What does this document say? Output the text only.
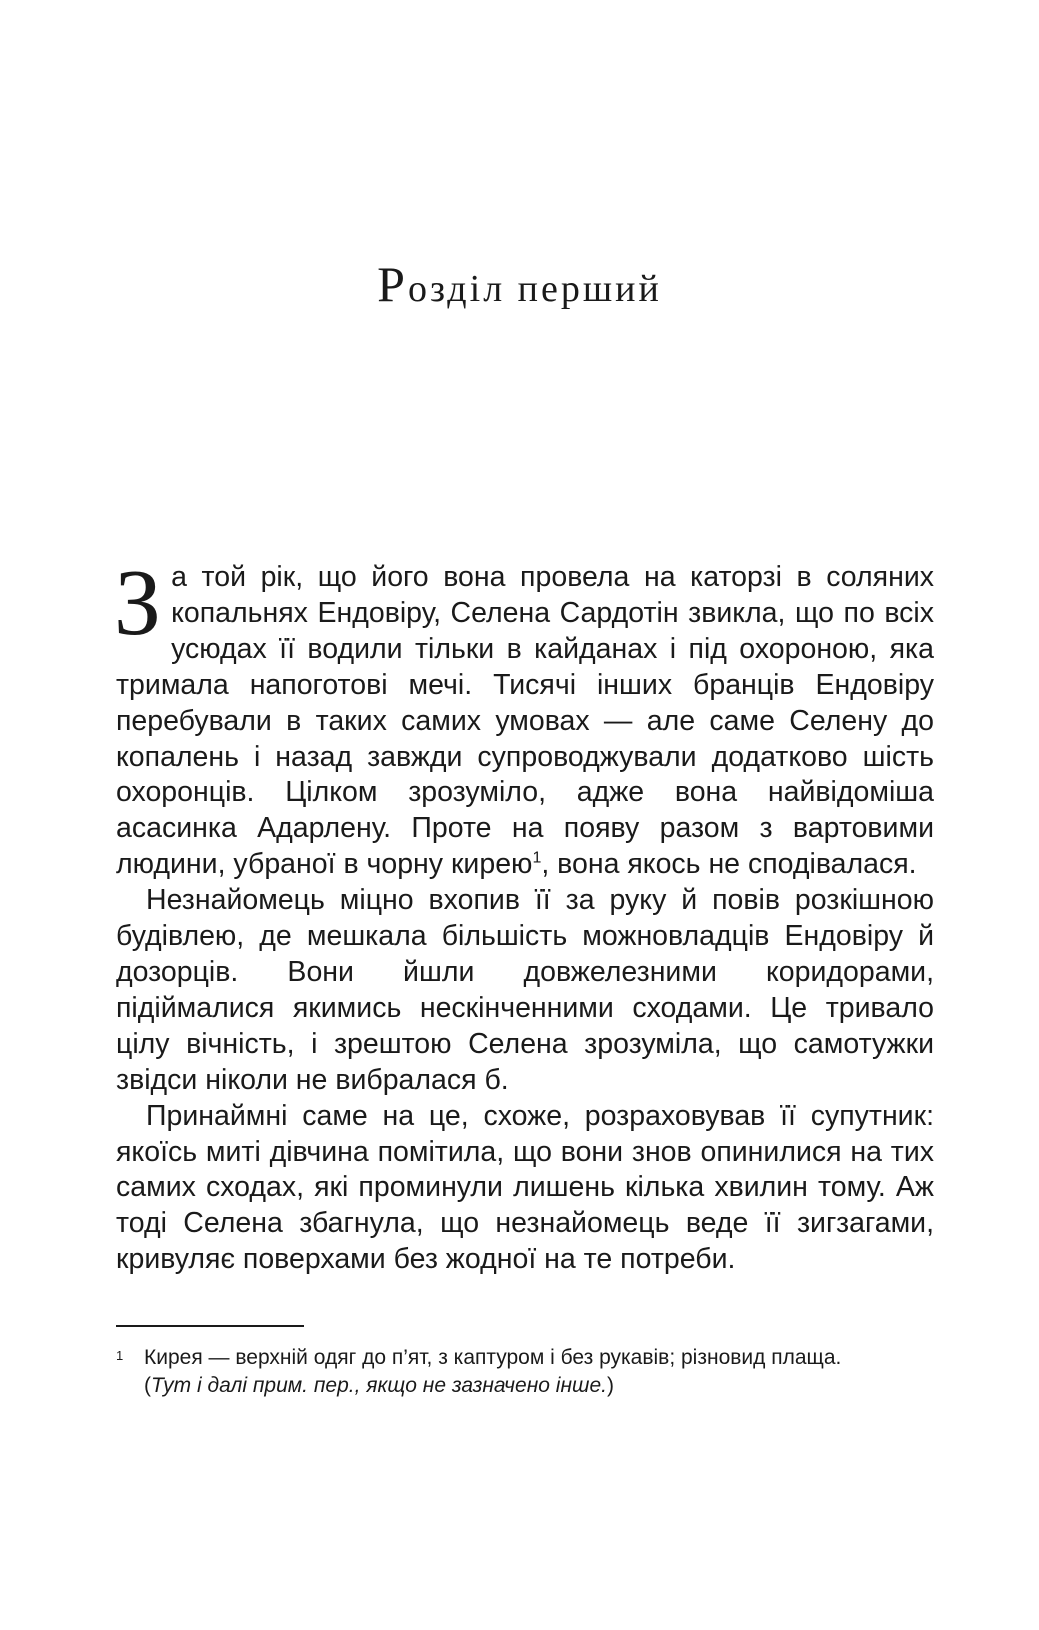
Розділ перший

За той рік, що його вона провела на каторзі в соляних копальнях Ендовіру, Селена Сардотін звикла, що по всіх усюдах її водили тільки в кайданах і під охороною, яка тримала напоготові мечі. Тисячі інших бранців Ендовіру перебували в таких самих умовах — але саме Селену до копалень і назад завжди супроводжували додатково шість охоронців. Цілком зрозуміло, адже вона найвідоміша асасинка Адарлену. Проте на появу разом з вартовими людини, убраної в чорну кирею$^1$, вона якось не сподівалася.

Незнайомець міцно вхопив її за руку й повів розкішною будівлею, де мешкала більшість можновладців Ендовіру й дозорців. Вони йшли довжелезними коридорами, підіймалися якимись нескінченними сходами. Це тривало цілу вічність, і зрештою Селена зрозуміла, що самотужки звідси ніколи не вибралася б.

Принаймні саме на це, схоже, розраховував її супутник: якоїсь миті дівчина помітила, що вони знов опинилися на тих самих сходах, які проминули лишень кілька хвилин тому. Аж тоді Селена збагнула, що незнайомець веде її зигзагами, кривуляє поверхами без жодної на те потреби.

1 Кирея — верхній одяг до п’ят, з каптуром і без рукавів; різновид плаща.
(Тут і далі прим. пер., якщо не зазначено інше.)
